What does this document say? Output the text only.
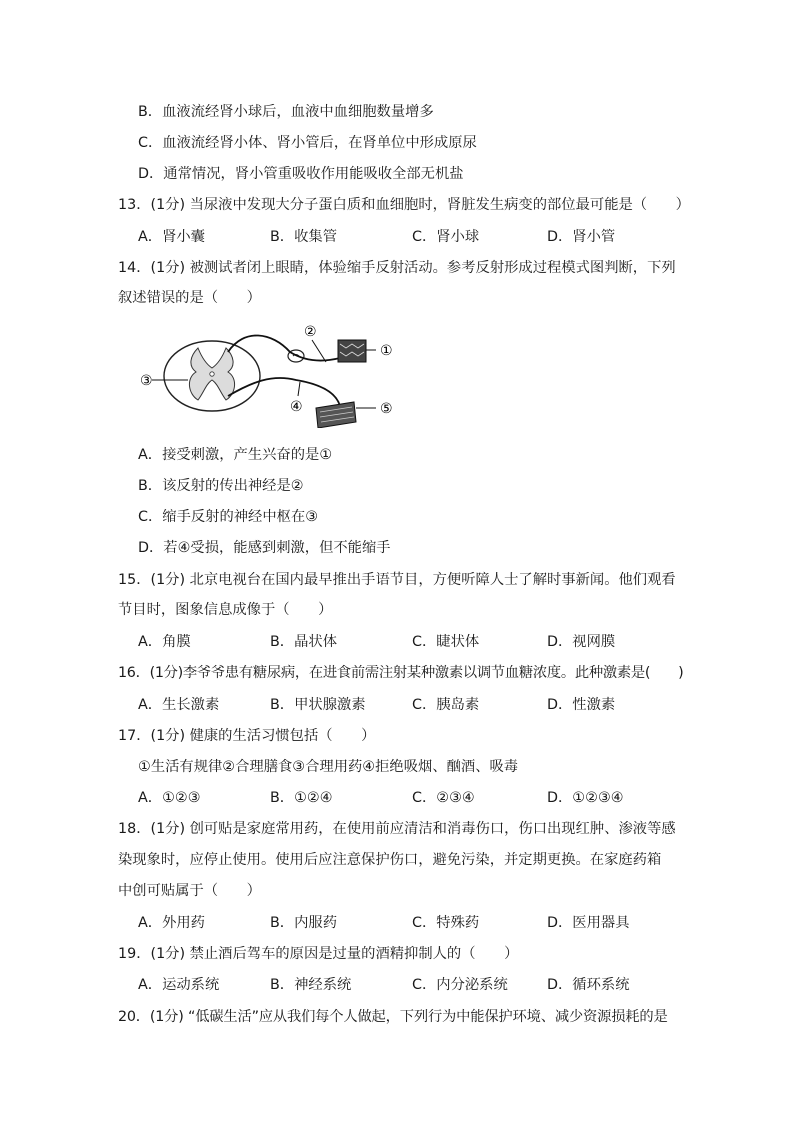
B．血液流经肾小球后，血液中血细胞数量增多
C．血液流经肾小体、肾小管后，在肾单位中形成原尿
D．通常情况，肾小管重吸收作用能吸收全部无机盐
13．(1分) 当尿液中发现大分子蛋白质和血细胞时，肾脏发生病变的部位最可能是（　　）
A．肾小囊	B．收集管	C．肾小球	D．肾小管
14．(1分) 被测试者闭上眼睛，体验缩手反射活动。参考反射形成过程模式图判断，下列
叙述错误的是（　　）
①
②
③
④	⑤
A．接受刺激，产生兴奋的是①
B．该反射的传出神经是②
C．缩手反射的神经中枢在③
D．若④受损，能感到刺激，但不能缩手
15．(1分) 北京电视台在国内最早推出手语节目，方便听障人士了解时事新闻。他们观看
节目时，图象信息成像于（　　）
A．角膜	B．晶状体	C．睫状体	D．视网膜
16．(1分)李爷爷患有糖尿病，在进食前需注射某种激素以调节血糖浓度。此种激素是(　　)
A．生长激素	B．甲状腺激素	C．胰岛素	D．性激素
17．(1分) 健康的生活习惯包括（　　）
①生活有规律②合理膳食③合理用药④拒绝吸烟、酗酒、吸毒
A．①②③	B．①②④	C．②③④	D．①②③④
18．(1分) 创可贴是家庭常用药，在使用前应清洁和消毒伤口，伤口出现红肿、渗液等感
染现象时，应停止使用。使用后应注意保护伤口，避免污染，并定期更换。在家庭药箱
中创可贴属于（　　）
A．外用药	B．内服药	C．特殊药	D．医用器具
19．(1分) 禁止酒后驾车的原因是过量的酒精抑制人的（　　）
A．运动系统	B．神经系统	C．内分泌系统	D．循环系统
20．(1分) “低碳生活”应从我们每个人做起，下列行为中能保护环境、减少资源损耗的是
